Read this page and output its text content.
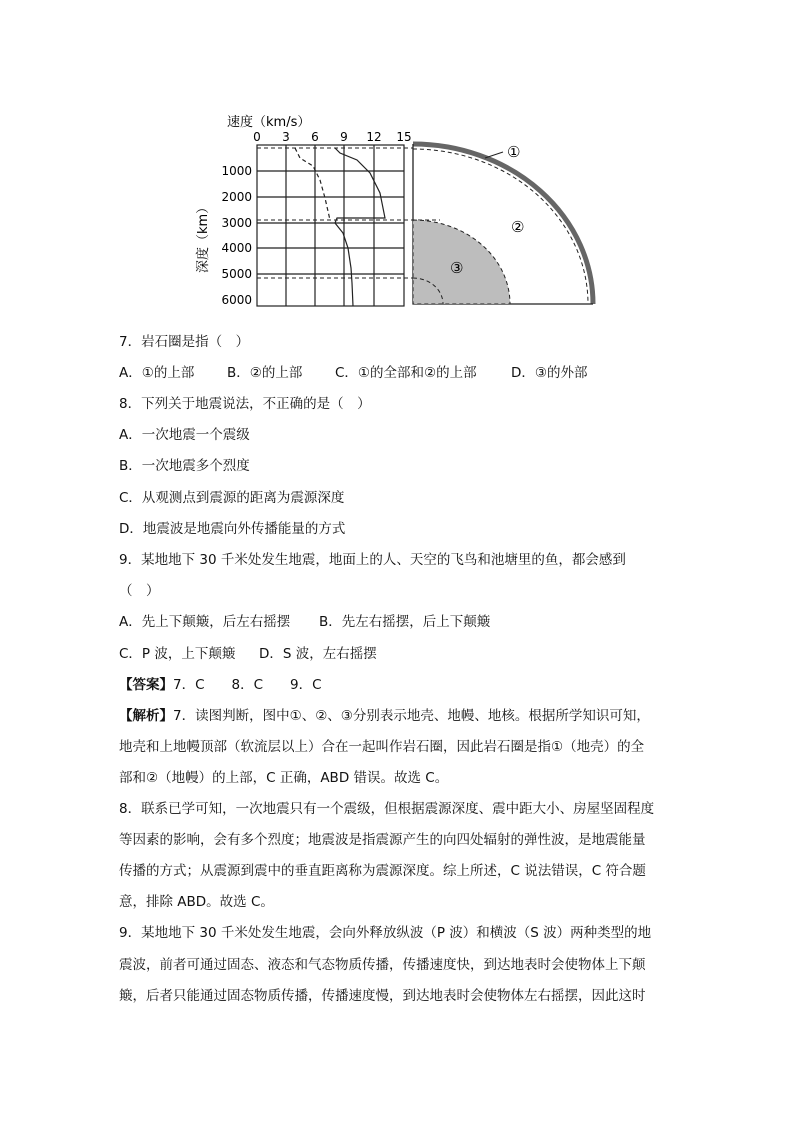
速度（km/s）
0 3 6 9 12 15
深度（km）
1000
2000
3000
4000
5000
6000
①
②
③
7．岩石圈是指（　）
A．①的上部 B．②的上部 C．①的全部和②的上部	D．③的外部
8．下列关于地震说法，不正确的是（　）
A．一次地震一个震级
B．一次地震多个烈度
C．从观测点到震源的距离为震源深度
D．地震波是地震向外传播能量的方式
9．某地地下 30 千米处发生地震，地面上的人、天空的飞鸟和池塘里的鱼，都会感到
（　）
A．先上下颠簸，后左右摇摆 B．先左右摇摆，后上下颠簸
C．P 波，上下颠簸 D．S 波，左右摇摆
【答案】7．C　　8．C　　9．C
【解析】7．读图判断，图中①、②、③分别表示地壳、地幔、地核。根据所学知识可知，
地壳和上地幔顶部（软流层以上）合在一起叫作岩石圈，因此岩石圈是指①（地壳）的全
部和②（地幔）的上部，C 正确，ABD 错误。故选 C。
8．联系已学可知，一次地震只有一个震级，但根据震源深度、震中距大小、房屋坚固程度
等因素的影响，会有多个烈度；地震波是指震源产生的向四处辐射的弹性波，是地震能量
传播的方式；从震源到震中的垂直距离称为震源深度。综上所述，C 说法错误，C 符合题
意，排除 ABD。故选 C。
9．某地地下 30 千米处发生地震，会向外释放纵波（P 波）和横波（S 波）两种类型的地
震波，前者可通过固态、液态和气态物质传播，传播速度快，到达地表时会使物体上下颠
簸，后者只能通过固态物质传播，传播速度慢，到达地表时会使物体左右摇摆，因此这时
